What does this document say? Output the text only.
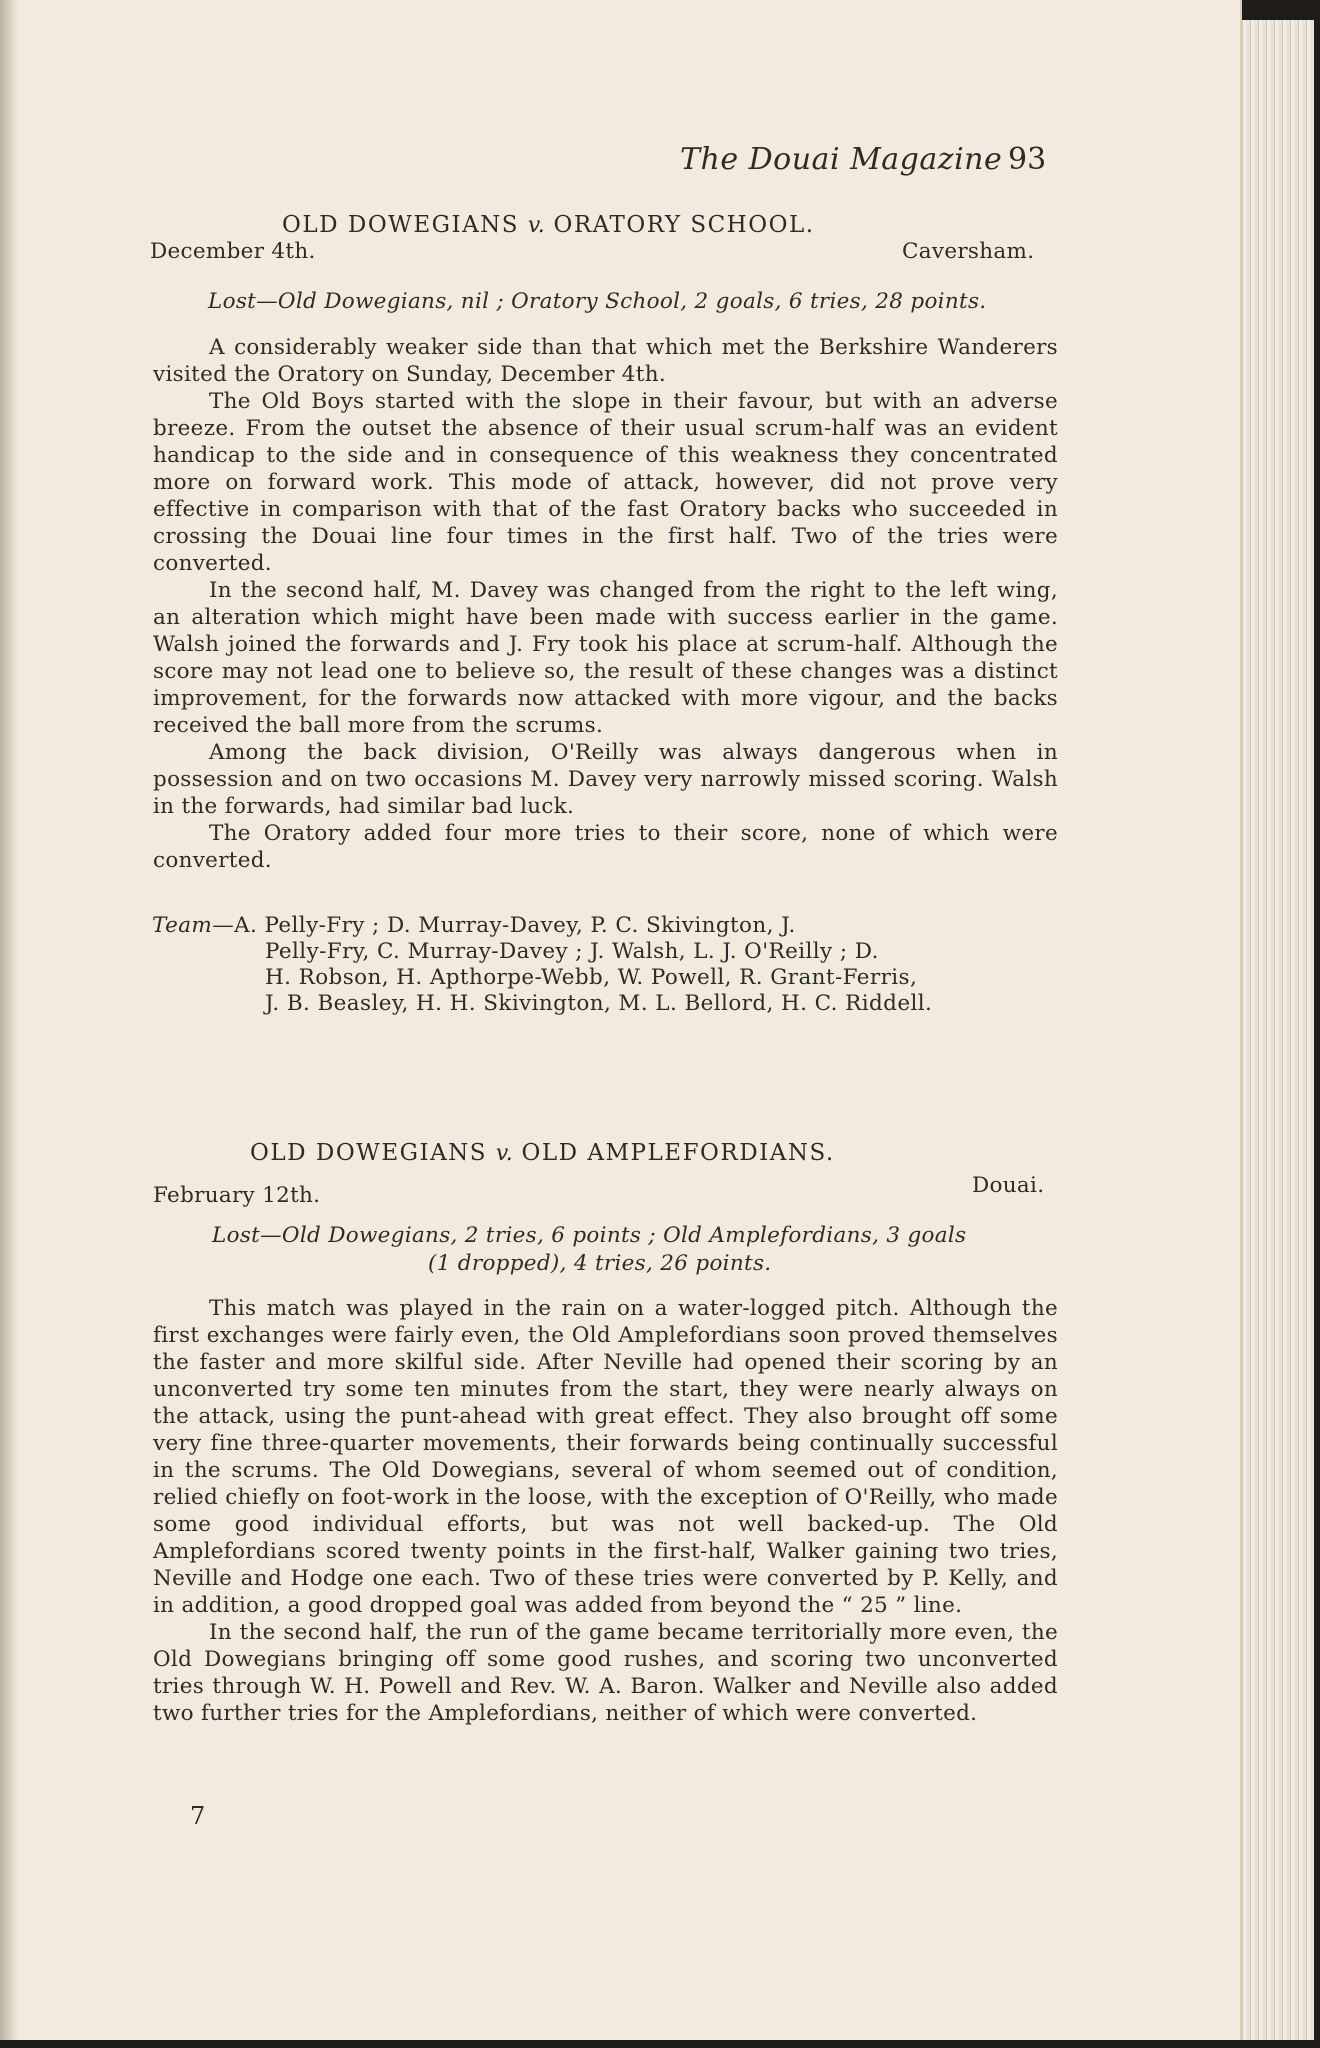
The Douai Magazine 93
OLD DOWEGIANS v. ORATORY SCHOOL.
December 4th.	Caversham.
Lost—Old Dowegians, nil ; Oratory School, 2 goals, 6 tries, 28 points.

A considerably weaker side than that which met the Berkshire Wanderers visited the Oratory on Sunday, December 4th.

The Old Boys started with the slope in their favour, but with an adverse breeze. From the outset the absence of their usual scrum-half was an evident handicap to the side and in consequence of this weakness they concentrated more on forward work. This mode of attack, however, did not prove very effective in comparison with that of the fast Oratory backs who succeeded in crossing the Douai line four times in the first half. Two of the tries were converted.

In the second half, M. Davey was changed from the right to the left wing, an alteration which might have been made with success earlier in the game. Walsh joined the forwards and J. Fry took his place at scrum-half. Although the score may not lead one to believe so, the result of these changes was a distinct improvement, for the forwards now attacked with more vigour, and the backs received the ball more from the scrums.

Among the back division, O'Reilly was always dangerous when in possession and on two occasions M. Davey very narrowly missed scoring. Walsh in the forwards, had similar bad luck.

The Oratory added four more tries to their score, none of which were converted.

Team—A. Pelly-Fry ; D. Murray-Davey, P. C. Skivington, J.
Pelly-Fry, C. Murray-Davey ; J. Walsh, L. J. O'Reilly ; D.
H. Robson, H. Apthorpe-Webb, W. Powell, R. Grant-Ferris,
J. B. Beasley, H. H. Skivington, M. L. Bellord, H. C. Riddell.
OLD DOWEGIANS v. OLD AMPLEFORDIANS.
February 12th.	Douai.
Lost—Old Dowegians, 2 tries, 6 points ; Old Amplefordians, 3 goals
(1 dropped), 4 tries, 26 points.

This match was played in the rain on a water-logged pitch. Although the first exchanges were fairly even, the Old Amplefordians soon proved themselves the faster and more skilful side. After Neville had opened their scoring by an unconverted try some ten minutes from the start, they were nearly always on the attack, using the punt-ahead with great effect. They also brought off some very fine three-quarter movements, their forwards being continually successful in the scrums. The Old Dowegians, several of whom seemed out of condition, relied chiefly on foot-work in the loose, with the exception of O'Reilly, who made some good individual efforts, but was not well backed-up. The Old Amplefordians scored twenty points in the first-half, Walker gaining two tries, Neville and Hodge one each. Two of these tries were converted by P. Kelly, and in addition, a good dropped goal was added from beyond the “ 25 ” line.

In the second half, the run of the game became territorially more even, the Old Dowegians bringing off some good rushes, and scoring two unconverted tries through W. H. Powell and Rev. W. A. Baron. Walker and Neville also added two further tries for the Amplefordians, neither of which were converted.

7
